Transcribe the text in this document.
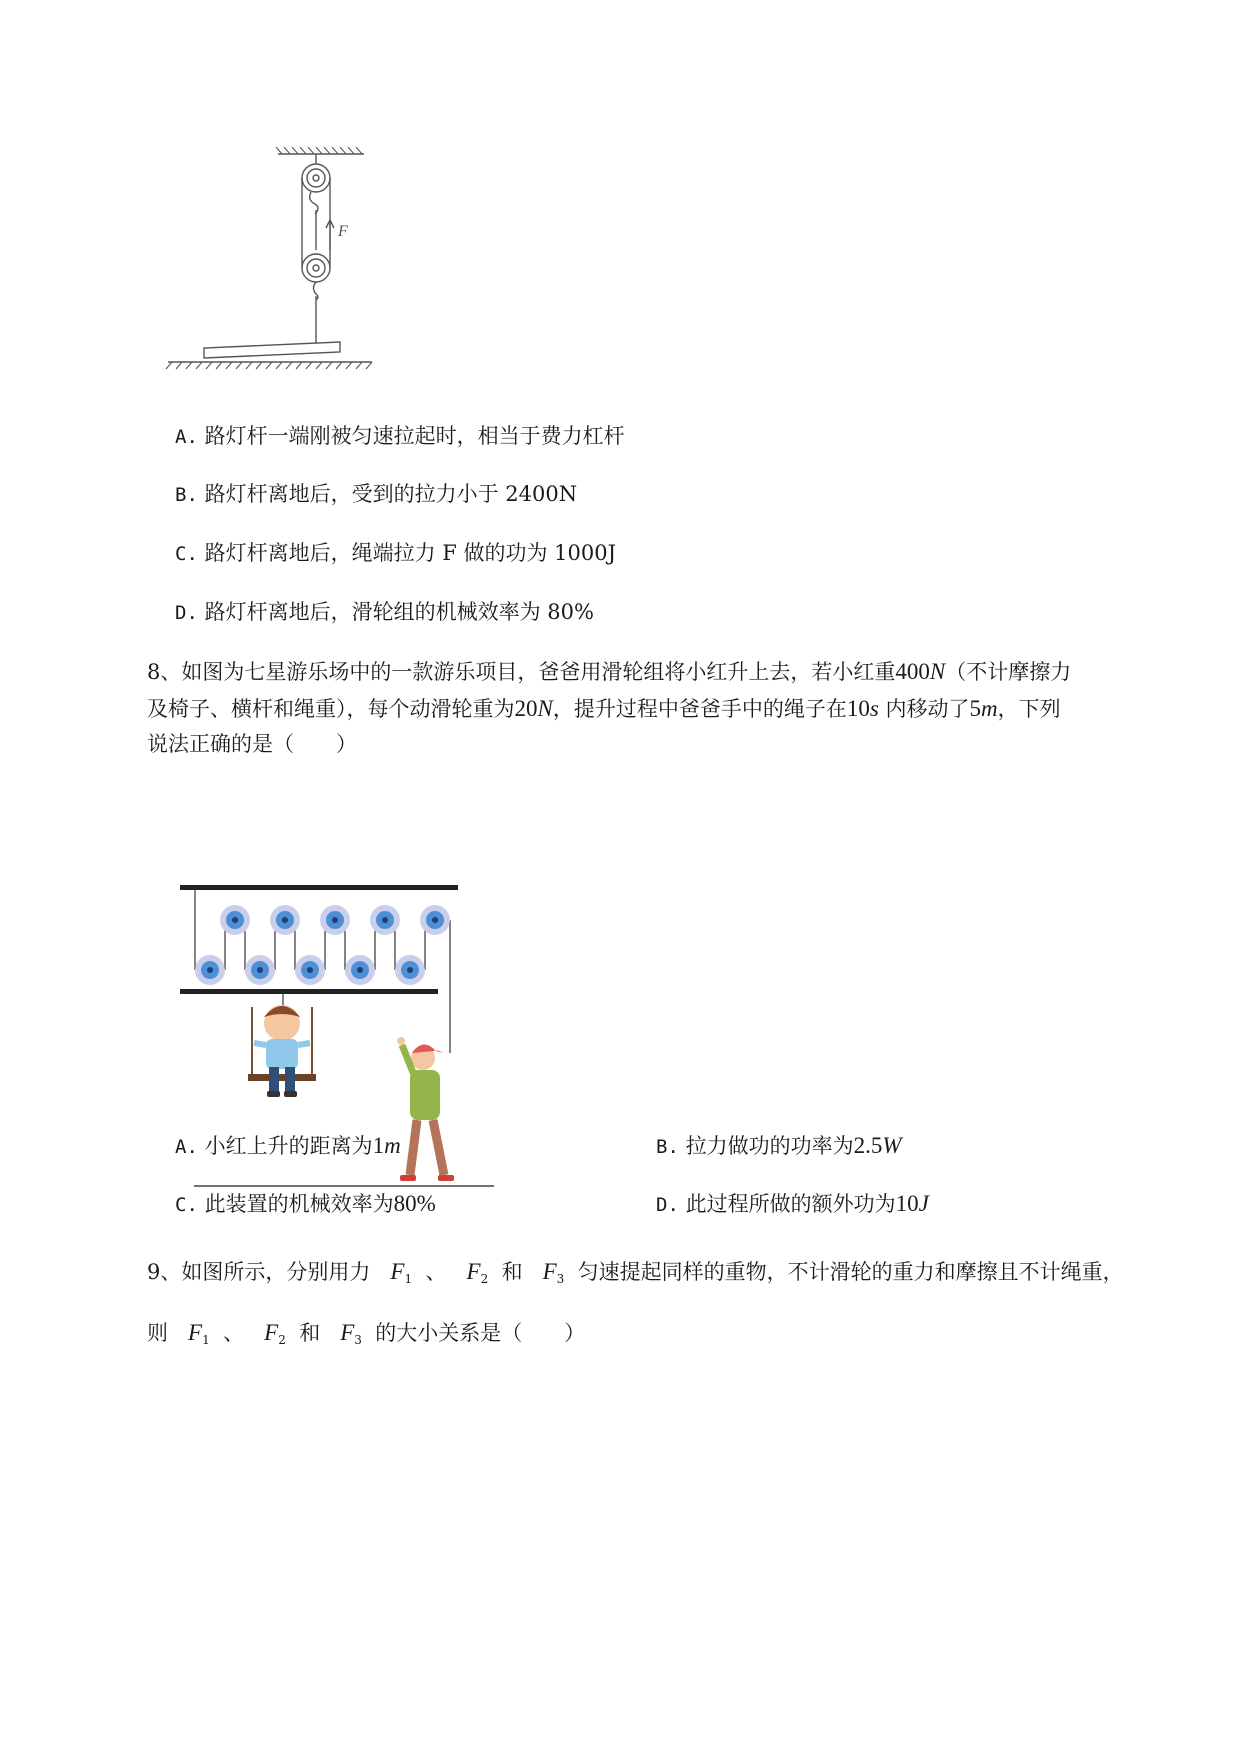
F
A. 路灯杆一端刚被匀速拉起时，相当于费力杠杆
B. 路灯杆离地后，受到的拉力小于 2400N
C. 路灯杆离地后，绳端拉力 F 做的功为 1000J
D. 路灯杆离地后，滑轮组的机械效率为 80%
8、如图为七星游乐场中的一款游乐项目，爸爸用滑轮组将小红升上去，若小红重400N（不计摩擦力
及椅子、横杆和绳重），每个动滑轮重为20N，提升过程中爸爸手中的绳子在10s 内移动了5m，下列
说法正确的是（　　）
A. 小红上升的距离为1m	B. 拉力做功的功率为2.5W
C. 此装置的机械效率为80%	D. 此过程所做的额外功为10J
9、如图所示，分别用力 $F_1$ 、 $F_2$ 和 $F_3$ 匀速提起同样的重物，不计滑轮的重力和摩擦且不计绳重，
则 $F_1$ 、 $F_2$ 和 $F_3$ 的大小关系是（　　）
